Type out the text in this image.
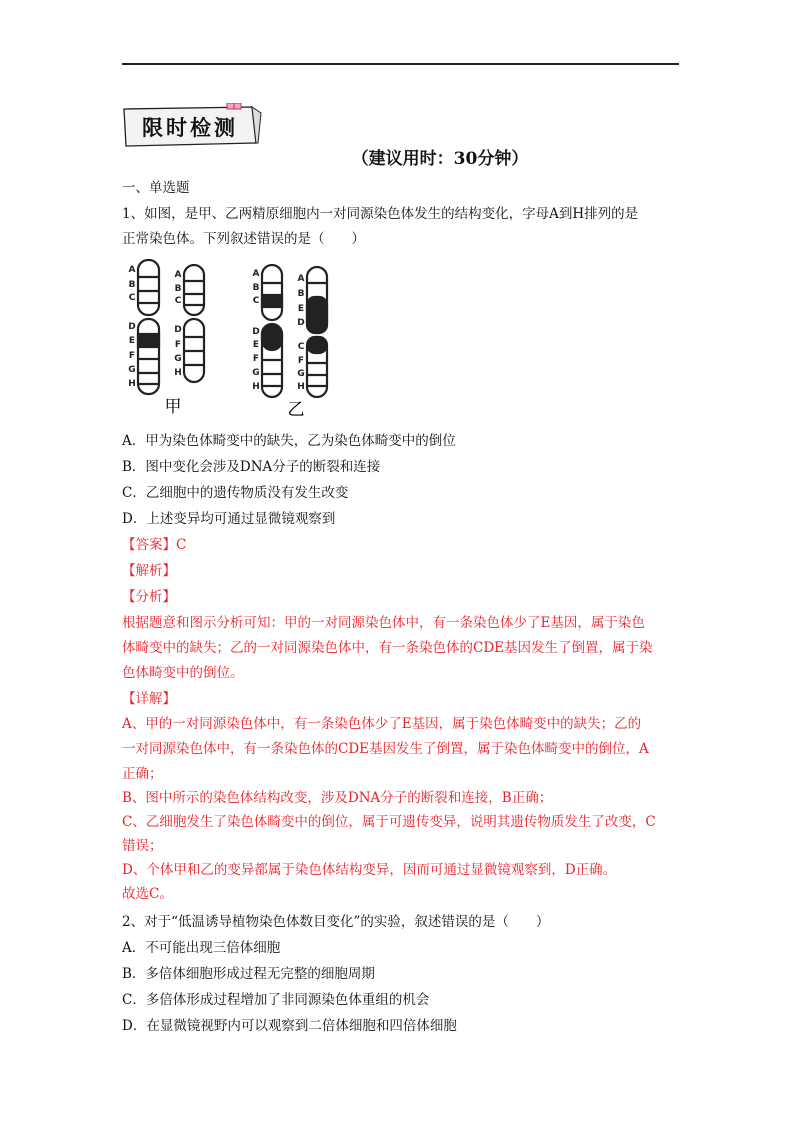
限时检测
（建议用时：30分钟）
一、单选题
1、如图，是甲、乙两精原细胞内一对同源染色体发生的结构变化，字母A到H排列的是
正常染色体。下列叙述错误的是（　　）
A
B
C
D
E
F
G
H
A
B
C
D
F
G
H
A
B
C
D
E
F
G
H
A
B
E
D
C
F
G
H
甲	乙
A．甲为染色体畸变中的缺失，乙为染色体畸变中的倒位
B．图中变化会涉及DNA分子的断裂和连接
C．乙细胞中的遗传物质没有发生改变
D．上述变异均可通过显微镜观察到
【答案】C
【解析】
【分析】
根据题意和图示分析可知：甲的一对同源染色体中，有一条染色体少了E基因，属于染色
体畸变中的缺失；乙的一对同源染色体中，有一条染色体的CDE基因发生了倒置，属于染
色体畸变中的倒位。
【详解】
A、甲的一对同源染色体中，有一条染色体少了E基因，属于染色体畸变中的缺失；乙的
一对同源染色体中，有一条染色体的CDE基因发生了倒置，属于染色体畸变中的倒位，A
正确；
B、图中所示的染色体结构改变，涉及DNA分子的断裂和连接，B正确；
C、乙细胞发生了染色体畸变中的倒位，属于可遗传变异，说明其遗传物质发生了改变，C
错误；
D、个体甲和乙的变异都属于染色体结构变异，因而可通过显微镜观察到，D正确。
故选C。
2、对于“低温诱导植物染色体数目变化”的实验，叙述错误的是（　　）
A．不可能出现三倍体细胞
B．多倍体细胞形成过程无完整的细胞周期
C．多倍体形成过程增加了非同源染色体重组的机会
D．在显微镜视野内可以观察到二倍体细胞和四倍体细胞
